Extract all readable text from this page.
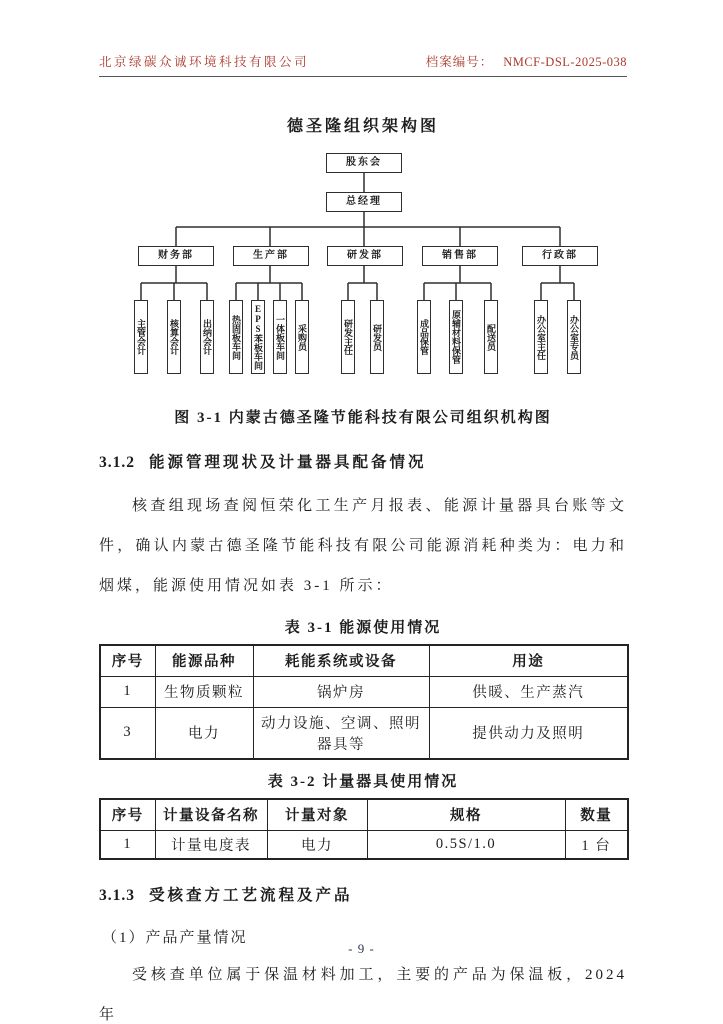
北京绿碳众诚环境科技有限公司	档案编号： NMCF-DSL-2025-038
德圣隆组织架构图
股东会
总经理
财务部	生产部	研发部	销售部	行政部
主管会计	核算会计	出纳会计 热固板车间 EPS苯板车间 一体板车间 采购员	研发主任 研发员	成品保管 原辅材料保管	配送员	办公室主任	办公室专员
图 3-1 内蒙古德圣隆节能科技有限公司组织机构图
3.1.2 能源管理现状及计量器具配备情况

核查组现场查阅恒荣化工生产月报表、能源计量器具台账等文件，确认内蒙古德圣隆节能科技有限公司能源消耗种类为：电力和烟煤，能源使用情况如表 3-1 所示：

表 3-1 能源使用情况
序号	能源品种	耗能系统或设备	用途
1	生物质颗粒	锅炉房	供暖、生产蒸汽
3	电力	动力设施、空调、照明器具等	提供动力及照明
表 3-2 计量器具使用情况
序号	计量设备名称	计量对象	规格	数量
1	计量电度表	电力	0.5S/1.0	1 台
3.1.3 受核查方工艺流程及产品
（1）产品产量情况

受核查单位属于保温材料加工，主要的产品为保温板，2024 年

- 9 -
